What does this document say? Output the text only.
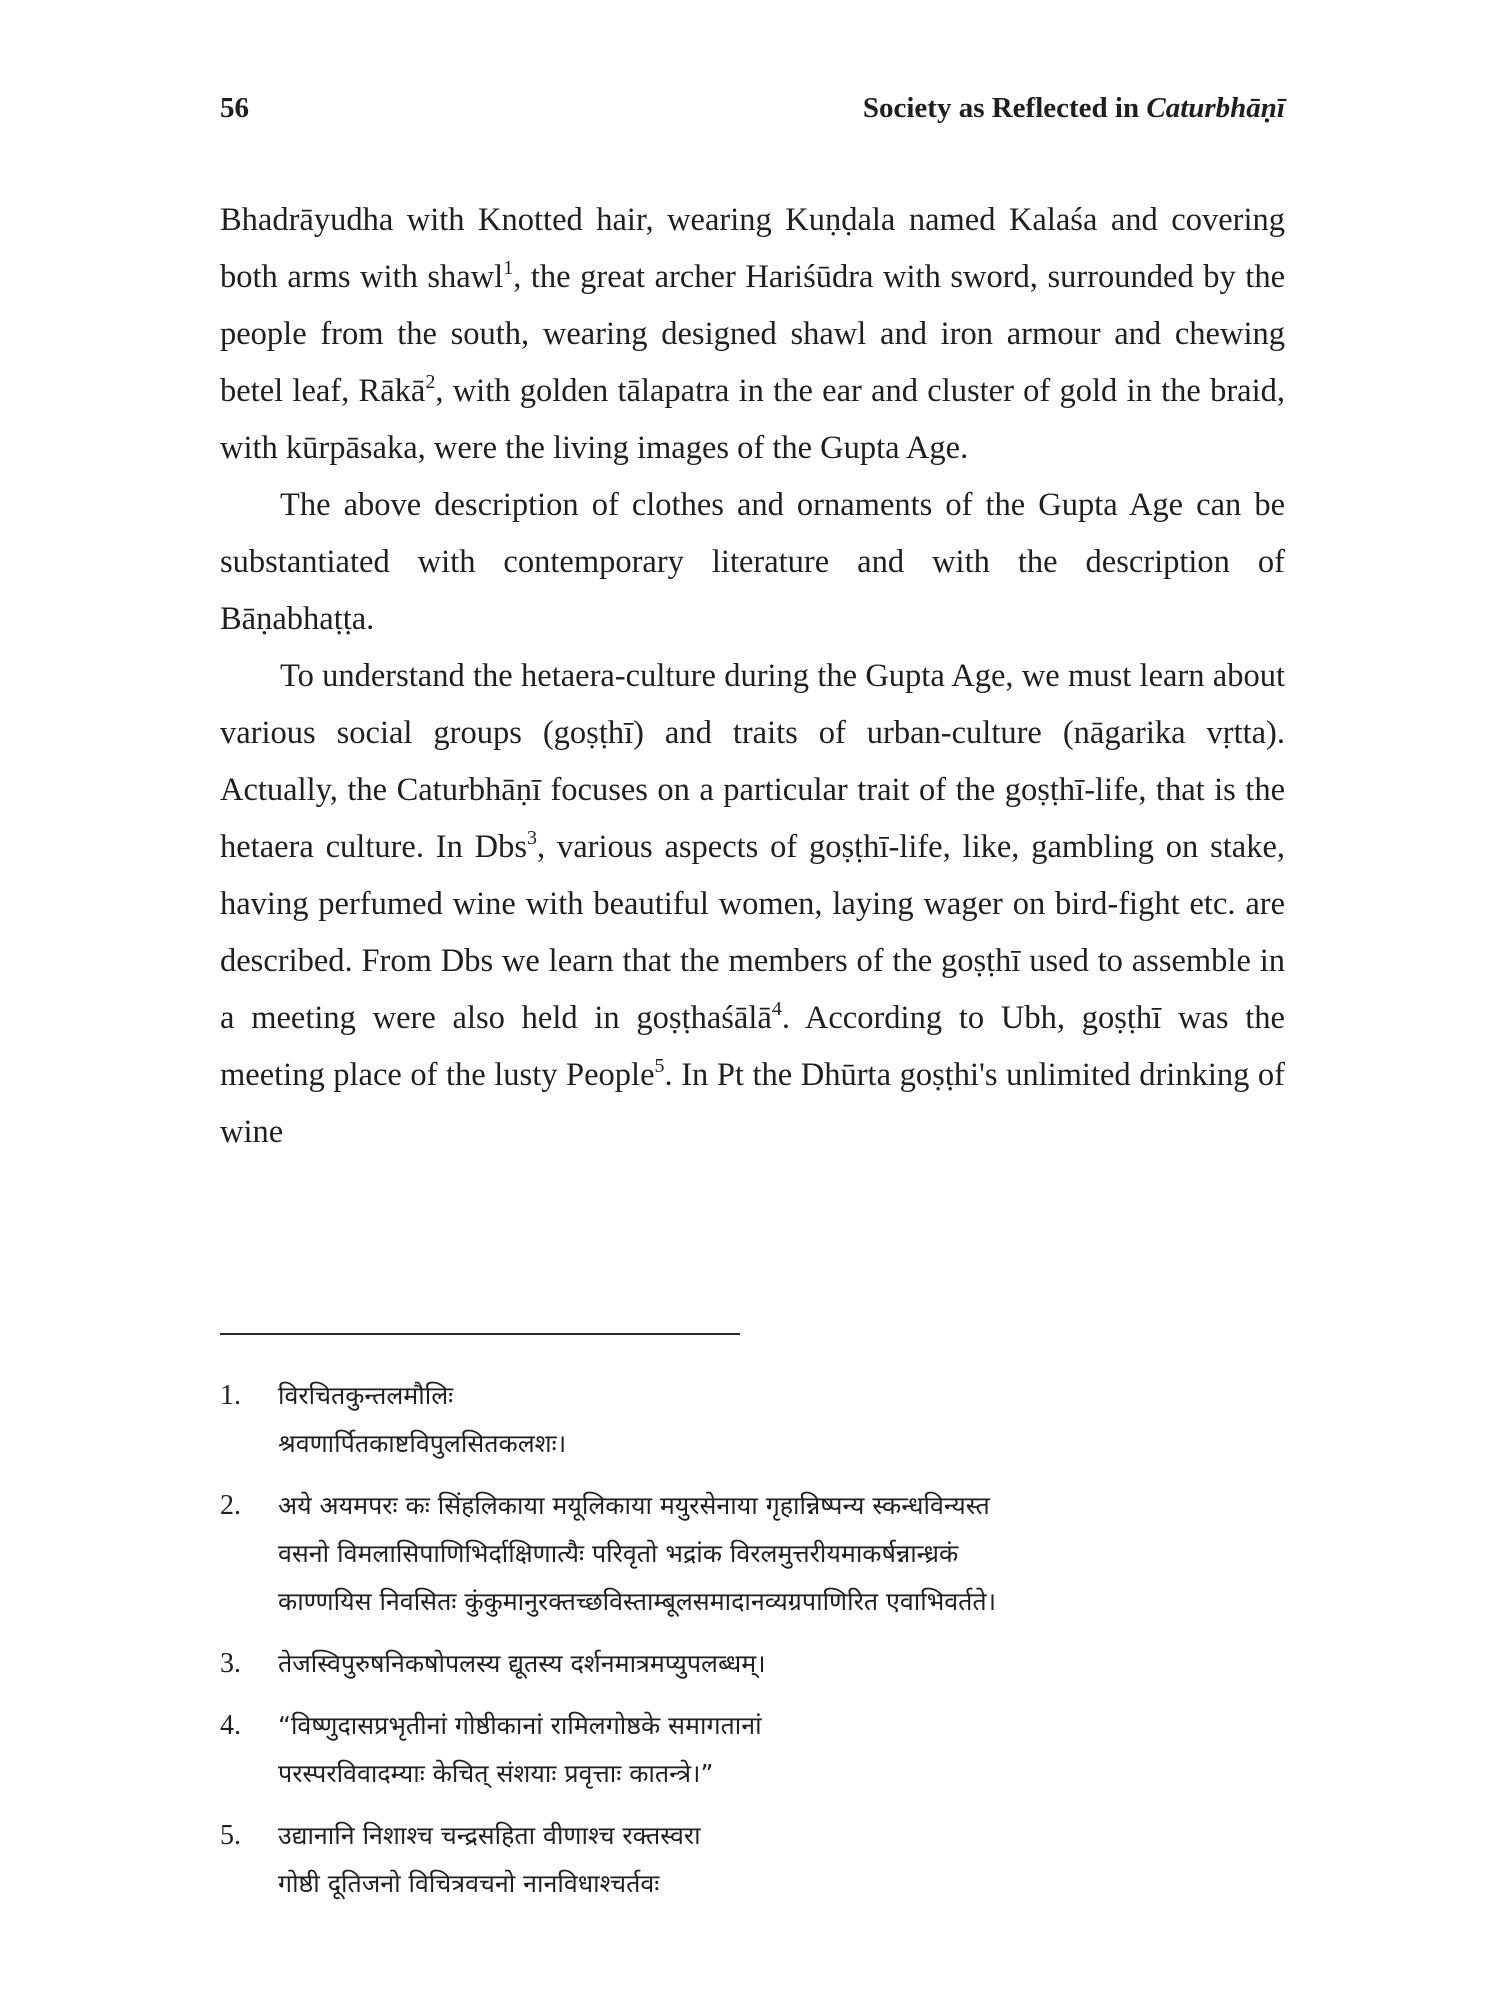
56	Society as Reflected in Caturbhāṇī

Bhadrāyudha with Knotted hair, wearing Kuṇḍala named Kalaśa and covering both arms with shawl$^1$, the great archer Hariśūdra with sword, surrounded by the people from the south, wearing designed shawl and iron armour and chewing betel leaf, Rākā$^2$, with golden tālapatra in the ear and cluster of gold in the braid, with kūrpāsaka, were the living images of the Gupta Age.

The above description of clothes and ornaments of the Gupta Age can be substantiated with contemporary literature and with the description of Bāṇabhaṭṭa.

To understand the hetaera-culture during the Gupta Age, we must learn about various social groups (goṣṭhī) and traits of urban-culture (nāgarika vṛtta). Actually, the Caturbhāṇī focuses on a particular trait of the goṣṭhī-life, that is the hetaera culture. In Dbs$^3$, various aspects of goṣṭhī-life, like, gambling on stake, having perfumed wine with beautiful women, laying wager on bird-fight etc. are described. From Dbs we learn that the members of the goṣṭhī used to assemble in a meeting were also held in goṣṭhaśālā$^4$. According to Ubh, goṣṭhī was the meeting place of the lusty People$^5$. In Pt the Dhūrta goṣṭhi's unlimited drinking of wine

1. विरचितकुन्तलमौलिः
श्रवणार्पितकाष्टविपुलसितकलशः।
2. अये अयमपरः कः सिंहलिकाया मयूलिकाया मयुरसेनाया गृहान्निष्पन्य स्कन्धविन्यस्त
वसनो विमलासिपाणिभिर्दाक्षिणात्यैः परिवृतो भद्रांक विरलमुत्तरीयमाकर्षन्नान्ध्रकं
काण्णयिस निवसितः कुंकुमानुरक्तच्छविस्ताम्बूलसमादानव्यग्रपाणिरित एवाभिवर्तते।
3. तेजस्विपुरुषनिकषोपलस्य द्यूतस्य दर्शनमात्रमप्युपलब्धम्।
4. “विष्णुदासप्रभृतीनां गोष्ठीकानां रामिलगोष्ठके समागतानां
परस्परविवादम्याः केचित् संशयाः प्रवृत्ताः कातन्त्रे।”
5. उद्यानानि निशाश्च चन्द्रसहिता वीणाश्च रक्तस्वरा
गोष्ठी दूतिजनो विचित्रवचनो नानविधाश्चर्तवः
